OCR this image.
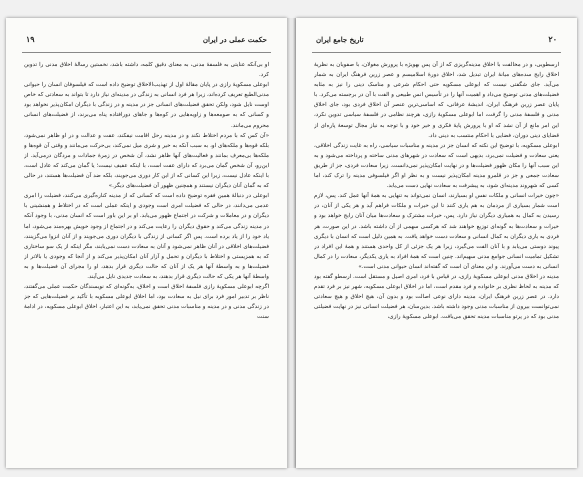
١٩	حکمت عملی در ایران

او بی‌آنکه عنایتی به فلسفهٔ مدنی، به معنای دقیق کلمه، داشته باشد، نخستین رسالهٔ اخلاق مدنی را تدوین کرد.

ابوعلی مسکویهٔ رازی در پایان مقالهٔ اول از تهذیب‌الاخلاق توضیح داده است که فیلسوفان انسان را حیوانی مدنی‌الطبع تعریف کرده‌اند، زیرا هر فرد انسانی به زندگی در مدینه‌ای نیاز دارد تا بتواند به سعادتی که خاص اوست نایل شود، ولکن تحقق فضیلت‌های انسانی جز در مدینه و در زندگی با دیگران امکان‌پذیر نخواهد بود و کسانی که به صومعه‌ها و زاویه‌هایی در کوه‌ها و جاهای دورافتاده پناه می‌برند، از فضیلت‌های انسانی محروم می‌مانند.

«آن کس که با مردم اختلاط نکند و در مدینه رحل اقامت نیفکند، عفت و عدالت و در او ظاهر نمی‌شود، بلکه قوه‌ها و ملکه‌های او، به سبب آنکه به خیر و شری میل نمی‌کند، بی‌حرکت می‌مانند و وقتی آن قوه‌ها و ملکه‌ها بی‌معرف بمانند و فعالیت‌های آنها ظاهر نشد، آن شخص در زمرهٔ جمادات و مردگان درمی‌آید. از این‌رو، آن شخص گمان می‌برد که دارای عفت است، با اینکه عفیف نیست؛ یا گمان می‌کند که عادل است، با اینکه عادل نیست، زیرا این کسانی که از این کار دوری می‌جویند، بلکه ضد آن فضیلت‌ها هستند، در حالی که به گمان آنان دیگران نیستند و همچنین ظهور آن فضیلت‌های دیگر.»

ابوعلی در دنبالهٔ همین فقره توضیح داده است که کسانی که از مدینه کناره‌گیری می‌کنند، فضیلت را امری عدمی می‌دانند، در حالی که فضیلت امری است وجودی و اینکه عملی است که در اختلاط و همنشینی با دیگران و در معاملات و شرکت در اجتماع ظهور می‌یابد. او بر این باور است که انسان مدنی، با وجود آنکه در مدینه زندگی می‌کند و حقوق دیگران را رعایت می‌کند و در اجتماع از وجود خویش بهره‌مند می‌شود، اما یاد خود را از یاد برده است. پس اگر کسانی از زندگی با دیگران دوری می‌جویند و از آنان انزوا می‌گزینند، فضیلت‌های اخلاقی در آنان ظاهر نمی‌شود و آنان به سعادت دست نمی‌یابند، مگر اینکه از یک سو ساختاری که به همزیستی و اختلاط با دیگران و تحمل و آزار آنان امکان‌پذیر می‌کند و از آنجا که وجودی یا بالاتر از فضیلت‌ها و به واسطهٔ آنها هر یک از آنان که حالت دیگری قرار بدهد، او را مجرای آن فضیلت‌ها و به واسطهٔ آنها هر یکی که حالت دیگری قرار بدهند، به سعادت جدیدی نایل می‌آیند.

اگرچه ابوعلی مسکویهٔ رازی فلسفهٔ اخلاق است و اخلاق، به‌گونه‌ای که نویسندگان حکمت عملی می‌گفتند، ناظر بر تدبیر امور فرد برای نیل به سعادت بود، اما اخلاق ابوعلی مسکویه با تأکید بر فضیلت‌هایی که جز در زندگی مدنی و در مدینه و مناسبات مدنی تحقق نمی‌یابد، به این اعتبار، اخلاق ابوعلی مسکویه، در ادامهٔ سنت

٢٠
تاریخ جامع ایران

ارسطویی، و در مخالفت با اخلاق مدینه‌گریزی که از آن پس بهویژه با پرورش مغولان، با صفویان به نظریهٔ اخلاق رایج سده‌های میانهٔ ایران تبدیل شد، اخلاق دورهٔ اسلامیسم و عصر زرین فرهنگ ایران به شمار می‌آید. جای شگفتی نیست که ابوعلی مسکویه حتی احکام شرعی و مناسک دینی را نیز به مثابه فضیلت‌های مدنی توضیح می‌داد و اهمیت آنها را در تأسیس انس طبیعی و الفت با آن در برجسته می‌کرد. با پایان عصر زرین فرهنگ ایران، اندیشهٔ عرفانی، که اساسی‌ترین عنصر آن اخلاق فردی بود، جای اخلاق مدنی و فلسفهٔ مدنی را گرفت، اما ابوعلی مسکویهٔ رازی، هرچند نظامی در فلسفهٔ سیاسی تدوین نکرد، این امر مانع از آن نشد که او با پرورش پایهٔ فکری و خیر خود و با توجه به نیاز مجال توسعهٔ پاره‌ای از قضایای دینی دوران، فضایی با احکام منتسب به دینی داد.

ابوعلی مسکویه، با توضیح این نکته که انسان جز در مدینه و مناسبات سیاسی، راه به غایت زندگی اخلاقی، یعنی سعادت و فضیلت نمی‌برد، بدیهی است که سعادت در شهرهای مدنی ساخته و پرداخته می‌شود و به این سبب آنها را مکان ظهور فضیلت‌ها و در نهایت امکان‌پذیر نمی‌دانست. زیرا سعادت فردی، جز از طریق سعادت جمعی و جز در قلمرو مدینه امکان‌پذیر نیست و به نظر او اگر فیلسوفی مدینه را ترک کند، اما کسی که شهروند مدینه‌ای شود، به پیشرفت به سعادت نهایی دست می‌یابد.

«چون خیرات انسانی و ملکات نفس او بسیارند، انسان نمی‌تواند به تنهایی به همهٔ آنها عمل کند. پس، لازم است شمار بسیاری از مردمان به هم یاری کنند تا این خیرات و ملکات فراهم آید و هر یکی از آنان، در رسیدن به کمال به همیاری دیگران نیاز دارد. پس، خیرات مشترک و سعادت‌ها میان آنان رایج خواهد بود و خیرات و سعادت‌ها به گونه‌ای توزیع خواهند شد که هرکسی سهمی از آن داشته باشد. در این صورت، هر فردی به یاری دیگران به کمال انسانی و سعادت دست خواهد یافت. به همین دلیل است که انسان با دیگری پیوند دوستی می‌یابد و با آنان الفت می‌گیرد، زیرا هر یک جزئی از کل واحدی هستند و همهٔ این افراد در تشکیل تمامیت انسانی جوامع مدنی سهیم‌اند. چنین است که همهٔ افراد به یاری یکدیگر، سعادت را در کمال انسانی به دست می‌آورند. و این معنای آن است که گفته‌اند انسان حیوانی مدنی است.»

مدینه در اخلاق مدنی ابوعلی مسکویهٔ رازی، در قیاس با فرد، امری اصیل و مستقل است. ارسطو گفته بود که مدینه به لحاظ نظری بر خانواده و فرد مقدم است، اما در اخلاق ابوعلی مسکویه، شهر نیز بر فرد تقدم دارد. در عصر زرین فرهنگ ایران، مدینه دارای نوعی اصالت بود و بدون آن، هیچ اخلاق و هیچ سعادتی نمی‌توانست بیرون از مناسبات مدنی وجود داشته باشد. بدین‌سان، هر فضیلت انسانی نیز در نهایت فضیلتی مدنی بود که در پرتو مناسبات مدینه تحقق می‌یافت. ابوعلی مسکویهٔ رازی،
